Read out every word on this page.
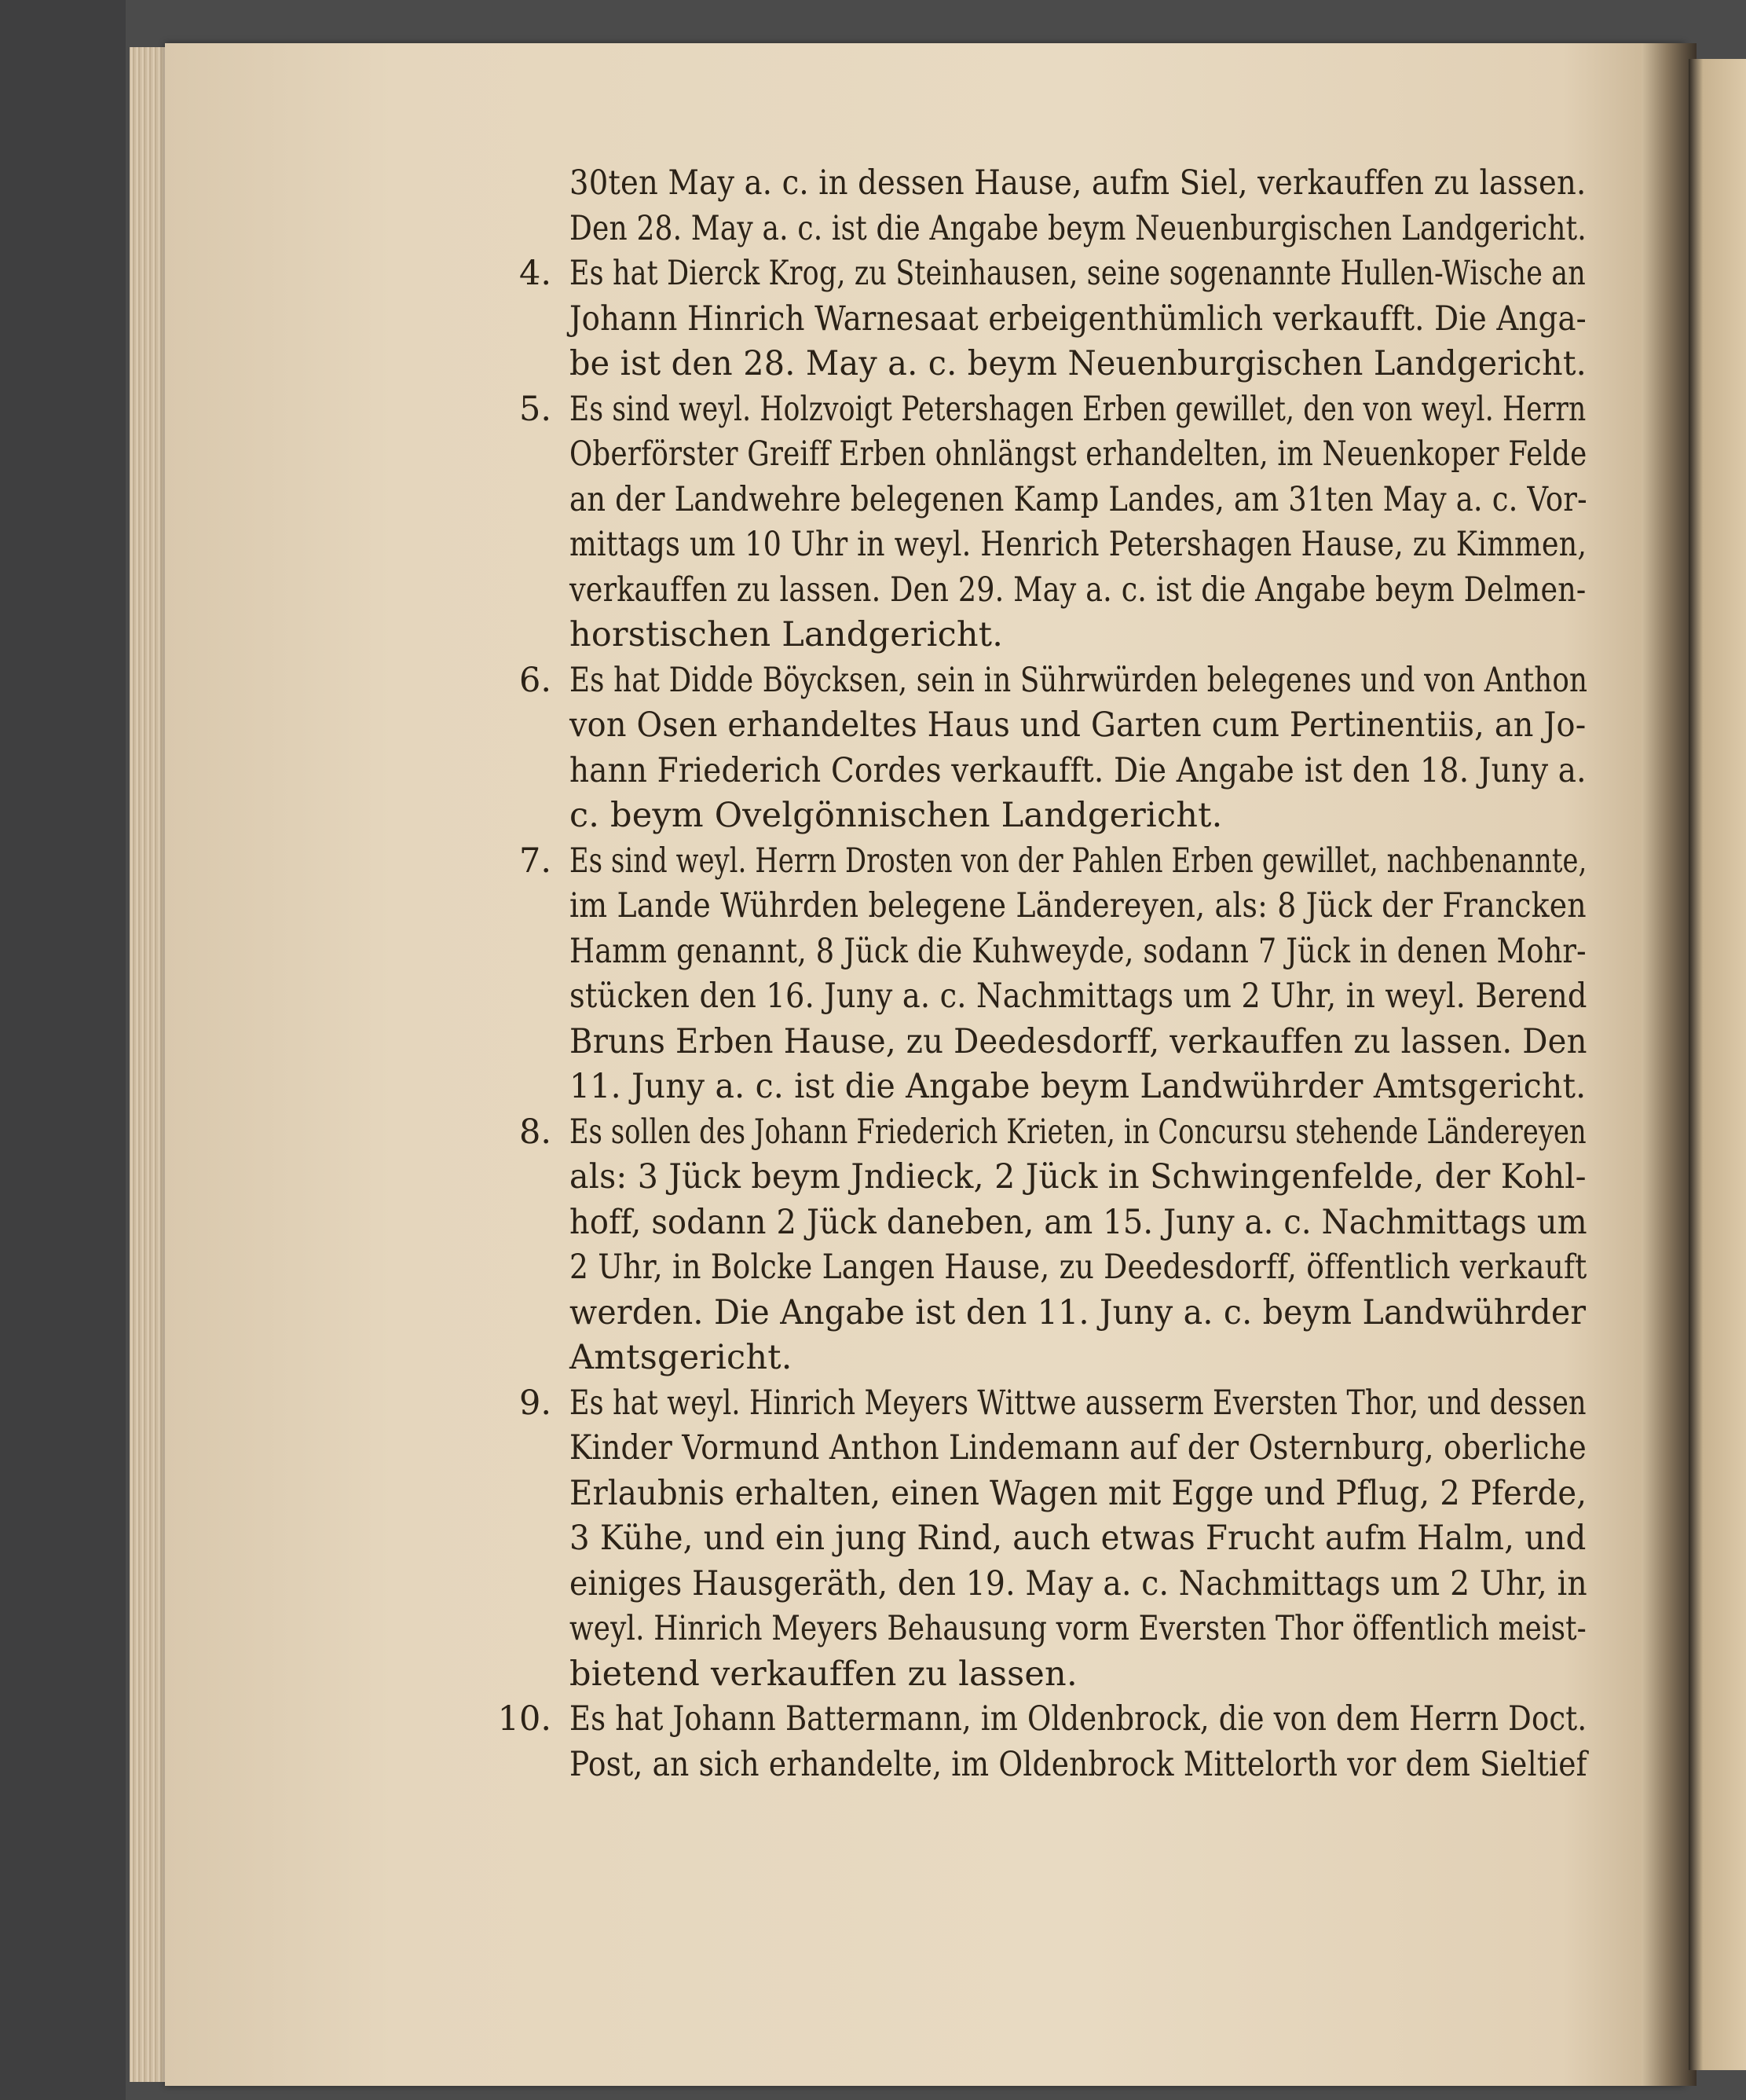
30ten May a. c. in dessen Hause, aufm Siel, verkauffen zu lassen.
Den 28. May a. c. ist die Angabe beym Neuenburgischen Landgericht.
4. Es hat Dierck Krog, zu Steinhausen, seine sogenannte Hullen-Wische an
Johann Hinrich Warnesaat erbeigenthümlich verkaufft. Die Anga-
be ist den 28. May a. c. beym Neuenburgischen Landgericht.
5. Es sind weyl. Holzvoigt Petershagen Erben gewillet, den von weyl. Herrn
Oberförster Greiff Erben ohnlängst erhandelten, im Neuenkoper Felde
an der Landwehre belegenen Kamp Landes, am 31ten May a. c. Vor-
mittags um 10 Uhr in weyl. Henrich Petershagen Hause, zu Kimmen,
verkauffen zu lassen. Den 29. May a. c. ist die Angabe beym Delmen-
horstischen Landgericht.
6. Es hat Didde Böycksen, sein in Sührwürden belegenes und von Anthon
von Osen erhandeltes Haus und Garten cum Pertinentiis, an Jo-
hann Friederich Cordes verkaufft. Die Angabe ist den 18. Juny a.
c. beym Ovelgönnischen Landgericht.
7. Es sind weyl. Herrn Drosten von der Pahlen Erben gewillet, nachbenannte,
im Lande Wührden belegene Ländereyen, als: 8 Jück der Francken
Hamm genannt, 8 Jück die Kuhweyde, sodann 7 Jück in denen Mohr-
stücken den 16. Juny a. c. Nachmittags um 2 Uhr, in weyl. Berend
Bruns Erben Hause, zu Deedesdorff, verkauffen zu lassen. Den
11. Juny a. c. ist die Angabe beym Landwührder Amtsgericht.
8. Es sollen des Johann Friederich Krieten, in Concursu stehende Ländereyen
als: 3 Jück beym Jndieck, 2 Jück in Schwingenfelde, der Kohl-
hoff, sodann 2 Jück daneben, am 15. Juny a. c. Nachmittags um
2 Uhr, in Bolcke Langen Hause, zu Deedesdorff, öffentlich verkauft
werden. Die Angabe ist den 11. Juny a. c. beym Landwührder
Amtsgericht.
9. Es hat weyl. Hinrich Meyers Wittwe ausserm Eversten Thor, und dessen
Kinder Vormund Anthon Lindemann auf der Osternburg, oberliche
Erlaubnis erhalten, einen Wagen mit Egge und Pflug, 2 Pferde,
3 Kühe, und ein jung Rind, auch etwas Frucht aufm Halm, und
einiges Hausgeräth, den 19. May a. c. Nachmittags um 2 Uhr, in
weyl. Hinrich Meyers Behausung vorm Eversten Thor öffentlich meist-
bietend verkauffen zu lassen.
10. Es hat Johann Battermann, im Oldenbrock, die von dem Herrn Doct.
Post, an sich erhandelte, im Oldenbrock Mittelorth vor dem Sieltief
